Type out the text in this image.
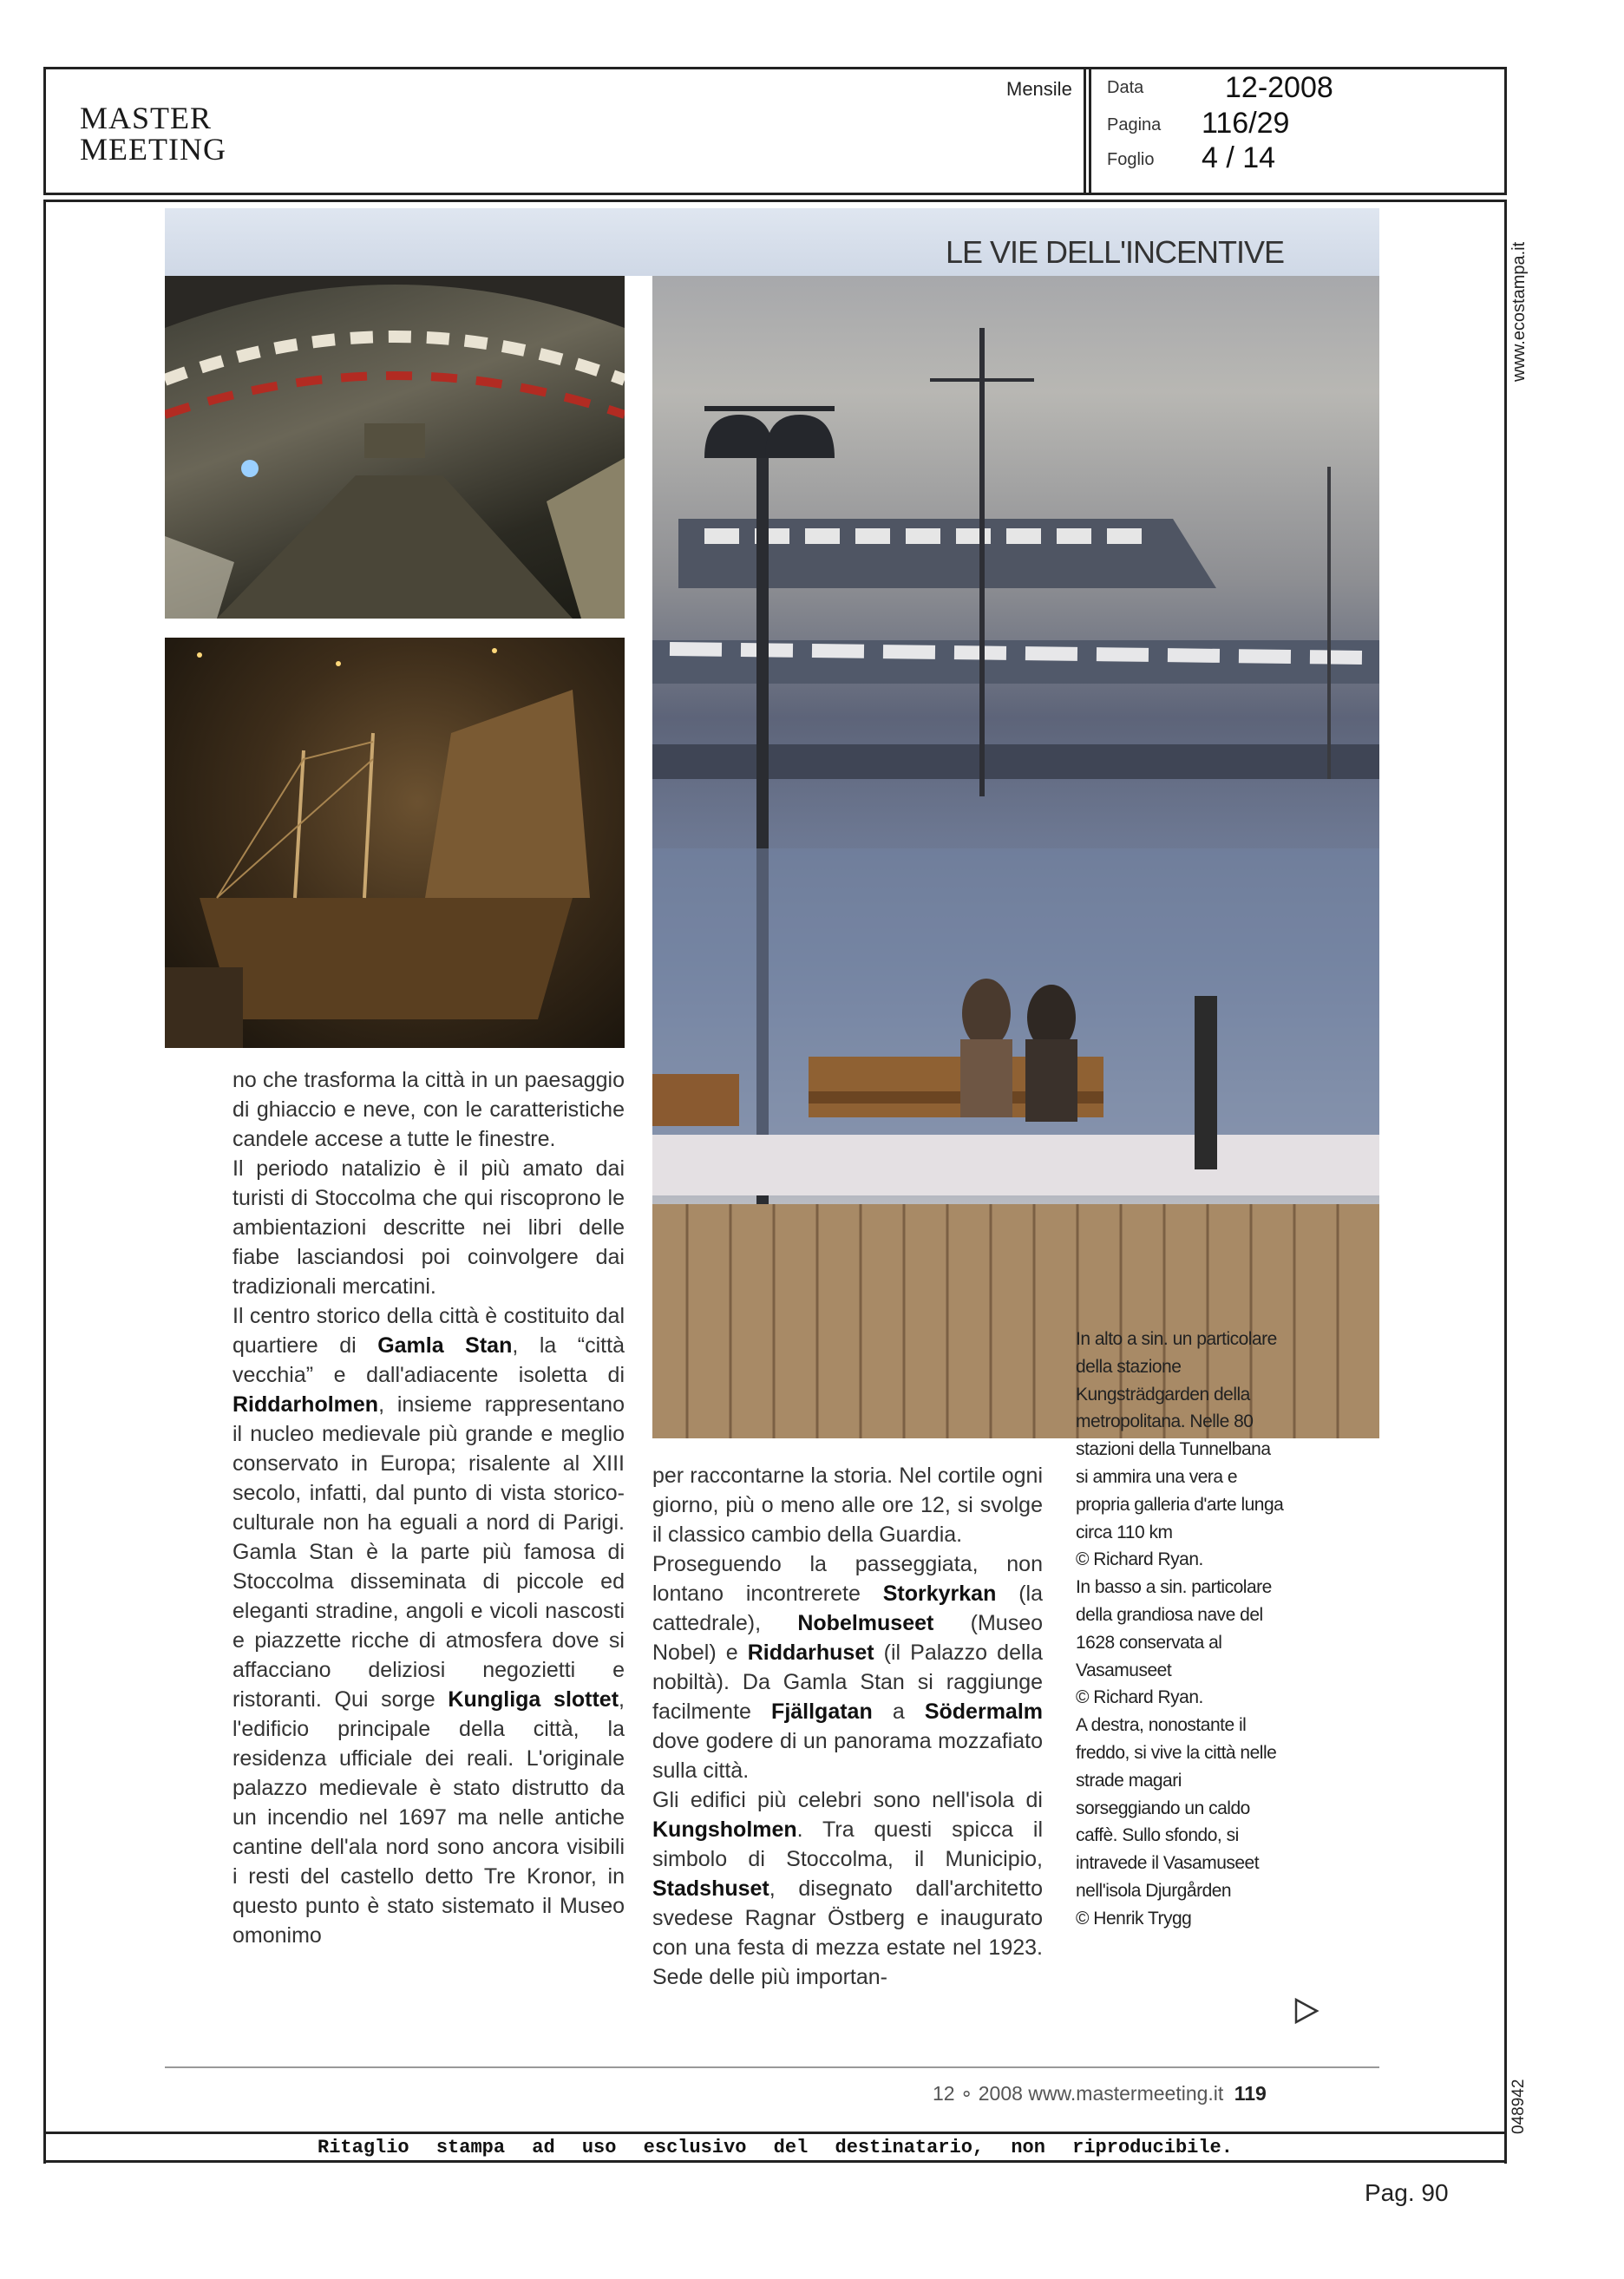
MASTER
MEETING
Mensile Data	12-2008
Pagina 116/29
Foglio 4 / 14
www.ecostampa.it
048942
LE VIE DELL'INCENTIVE

no che trasforma la città in un paesaggio di ghiaccio e neve, con le caratteristiche candele accese a tutte le finestre.

Il periodo natalizio è il più amato dai turisti di Stoccolma che qui riscoprono le ambientazioni descritte nei libri delle fiabe lasciandosi poi coinvolgere dai tradizionali mercatini.

Il centro storico della città è costituito dal quartiere di Gamla Stan, la “città vecchia” e dall'adiacente isoletta di Riddarholmen, insieme rappresentano il nucleo medievale più grande e meglio conservato in Europa; risalente al XIII secolo, infatti, dal punto di vista storico-culturale non ha eguali a nord di Parigi. Gamla Stan è la parte più famosa di Stoccolma disseminata di piccole ed eleganti stradine, angoli e vicoli nascosti e piazzette ricche di atmosfera dove si affacciano deliziosi negozietti e ristoranti. Qui sorge Kungliga slottet, l'edificio principale della città, la residenza ufficiale dei reali. L'originale palazzo medievale è stato distrutto da un incendio nel 1697 ma nelle antiche cantine dell'ala nord sono ancora visibili i resti del castello detto Tre Kronor, in questo punto è stato sistemato il Museo omonimo

per raccontarne la storia. Nel cortile ogni giorno, più o meno alle ore 12, si svolge il classico cambio della Guardia.

Proseguendo la passeggiata, non lontano incontrerete Storkyrkan (la cattedrale), Nobelmuseet (Museo Nobel) e Riddarhuset (il Palazzo della nobiltà). Da Gamla Stan si raggiunge facilmente Fjällgatan a Södermalm dove godere di un panorama mozzafiato sulla città.

Gli edifici più celebri sono nell'isola di Kungsholmen. Tra questi spicca il simbolo di Stoccolma, il Municipio, Stadshuset, disegnato dall'architetto svedese Ragnar Östberg e inaugurato con una festa di mezza estate nel 1923. Sede delle più importan-

In alto a sin. un particolare della stazione Kungsträdgarden della metropolitana. Nelle 80 stazioni della Tunnelbana si ammira una vera e propria galleria d'arte lunga circa 110 km

© Richard Ryan.

In basso a sin. particolare della grandiosa nave del 1628 conservata al Vasamuseet

© Richard Ryan.

A destra, nonostante il freddo, si vive la città nelle strade magari sorseggiando un caldo caffè. Sullo sfondo, si intravede il Vasamuseet nell'isola Djurgården

© Henrik Trygg

12 ∘ 2008 www.mastermeeting.it 119
Ritaglio stampa ad uso esclusivo del destinatario, non riproducibile.
Pag. 90
